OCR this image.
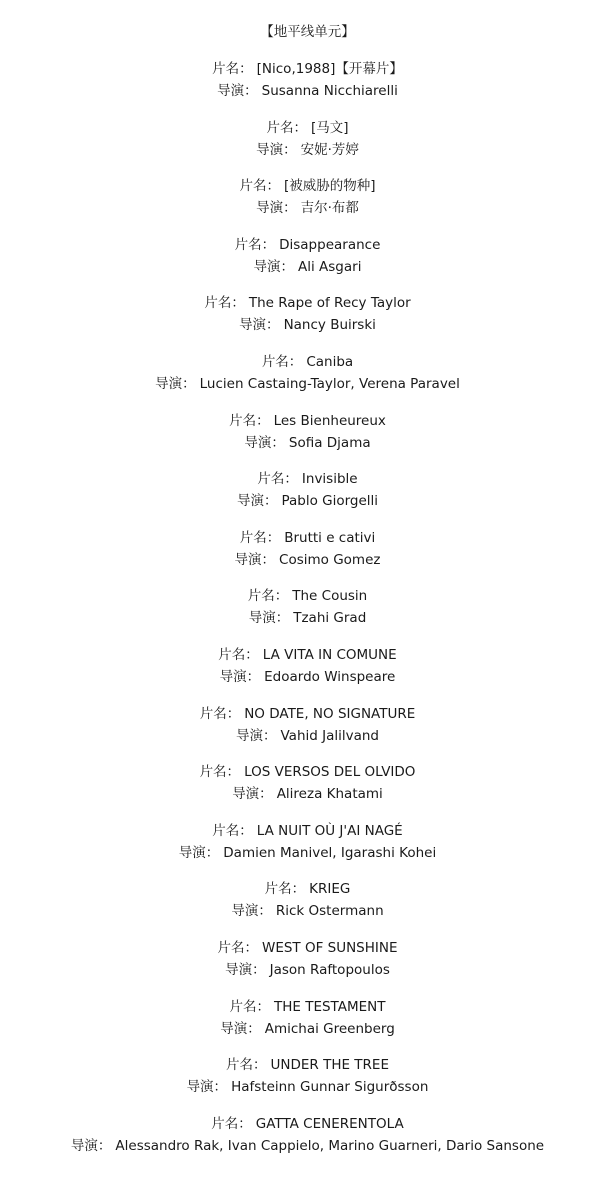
【地平线单元】
片名： [Nico,1988]【开幕片】
导演： Susanna Nicchiarelli
片名： [马文]
导演： 安妮·芳婷
片名： [被威胁的物种]
导演： 吉尔·布都
片名： Disappearance
导演： Ali Asgari
片名： The Rape of Recy Taylor
导演： Nancy Buirski
片名： Caniba
导演： Lucien Castaing-Taylor, Verena Paravel
片名： Les Bienheureux
导演： Sofia Djama
片名： Invisible
导演： Pablo Giorgelli
片名： Brutti e cativi
导演： Cosimo Gomez
片名： The Cousin
导演： Tzahi Grad
片名： LA VITA IN COMUNE
导演： Edoardo Winspeare
片名： NO DATE, NO SIGNATURE
导演： Vahid Jalilvand
片名： LOS VERSOS DEL OLVIDO
导演： Alireza Khatami
片名： LA NUIT OÙ J'AI NAGÉ
导演： Damien Manivel, Igarashi Kohei
片名： KRIEG
导演： Rick Ostermann
片名： WEST OF SUNSHINE
导演： Jason Raftopoulos
片名： THE TESTAMENT
导演： Amichai Greenberg
片名： UNDER THE TREE
导演： Hafsteinn Gunnar Sigurðsson
片名： GATTA CENERENTOLA
导演： Alessandro Rak, Ivan Cappielo, Marino Guarneri, Dario Sansone
